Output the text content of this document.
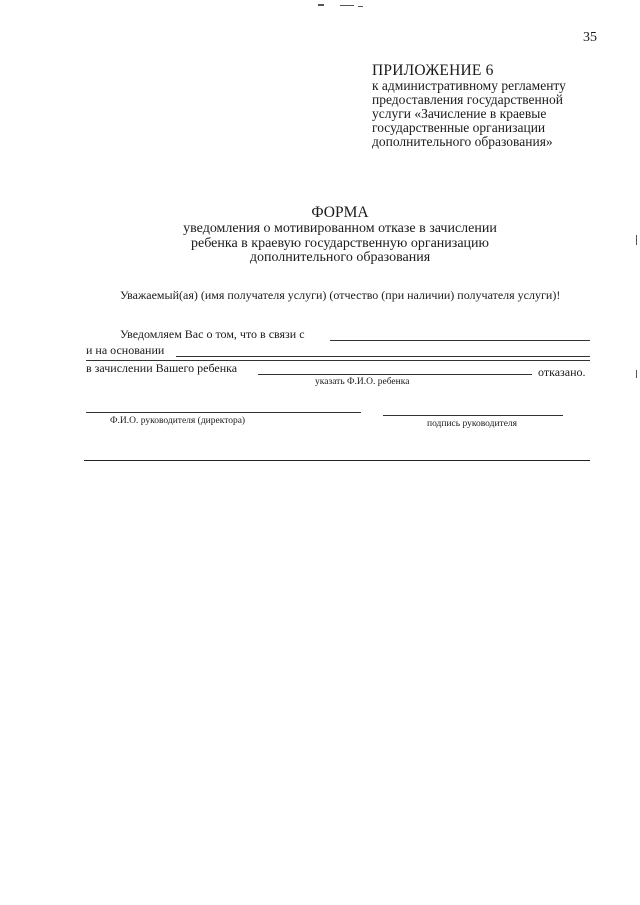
35
ПРИЛОЖЕНИЕ 6
к административному регламенту
предоставления государственной
услуги «Зачисление в краевые
государственные организации
дополнительного образования»
ФОРМА
уведомления о мотивированном отказе в зачислении
ребенка в краевую государственную организацию
дополнительного образования
Уважаемый(ая) (имя получателя услуги) (отчество (при наличии) получателя услуги)!
Уведомляем Вас о том, что в связи с
и на основании
в зачислении Вашего ребенка	отказано.
указать Ф.И.О. ребенка
Ф.И.О. руководителя (директора)	подпись руководителя
